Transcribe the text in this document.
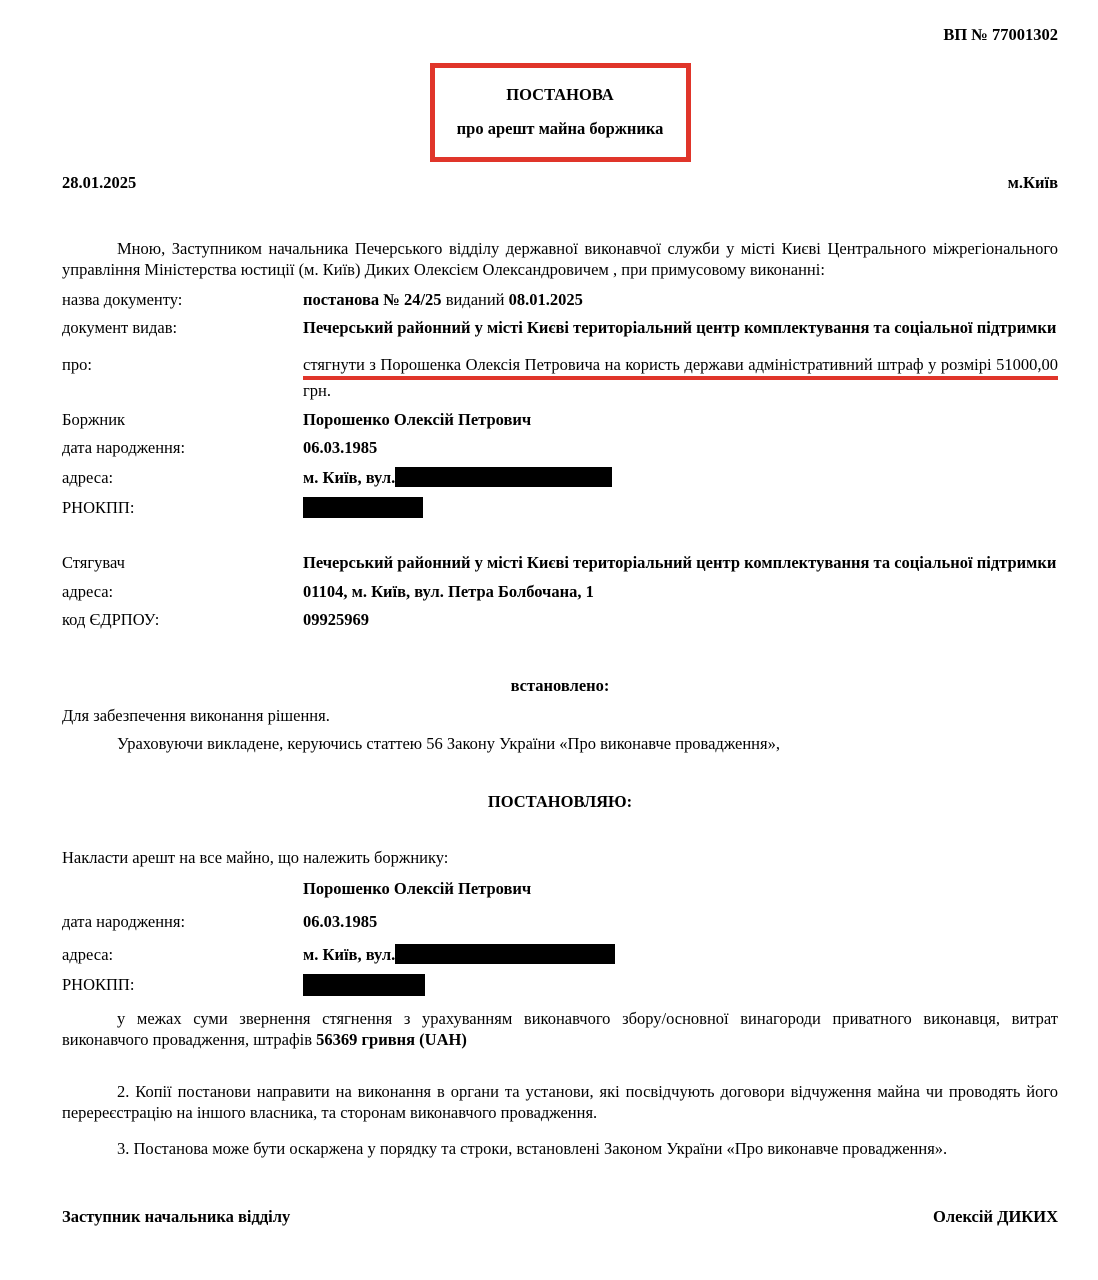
ВП № 77001302
ПОСТАНОВА
про арешт майна боржника
28.01.2025	м.Київ

Мною, Заступником начальника Печерського відділу державної виконавчої служби у місті Києві Центрального міжрегіонального управління Міністерства юстиції (м. Київ) Диких Олексієм Олександровичем , при примусовому виконанні:

назва документу:	постанова № 24/25 виданий 08.01.2025
документ видав:	Печерський районний у місті Києві територіальний центр комплектування та соціальної підтримки
про:	стягнути з Порошенка Олексія Петровича на користь держави адміністративний штраф у розмірі 51000,00
грн.
Боржник	Порошенко Олексій Петрович
дата народження:	06.03.1985
адреса:	м. Київ, вул.
РНОКПП:
Стягувач	Печерський районний у місті Києві територіальний центр комплектування та соціальної підтримки
адреса:	01104, м. Київ, вул. Петра Болбочана, 1
код ЄДРПОУ:	09925969
встановлено:

Для забезпечення виконання рішення.

Ураховуючи викладене, керуючись статтею 56 Закону України «Про виконавче провадження»,

ПОСТАНОВЛЯЮ:

Накласти арешт на все майно, що належить боржнику:

Порошенко Олексій Петрович
дата народження:	06.03.1985
адреса:	м. Київ, вул.
РНОКПП:

у межах суми звернення стягнення з урахуванням виконавчого збору/основної винагороди приватного виконавця, витрат виконавчого провадження, штрафів 56369 гривня (UAH)

2. Копії постанови направити на виконання в органи та установи, які посвідчують договори відчуження майна чи проводять його перереєстрацію на іншого власника, та сторонам виконавчого провадження.

3. Постанова може бути оскаржена у порядку та строки, встановлені Законом України «Про виконавче провадження».

Заступник начальника відділу	Олексій ДИКИХ
